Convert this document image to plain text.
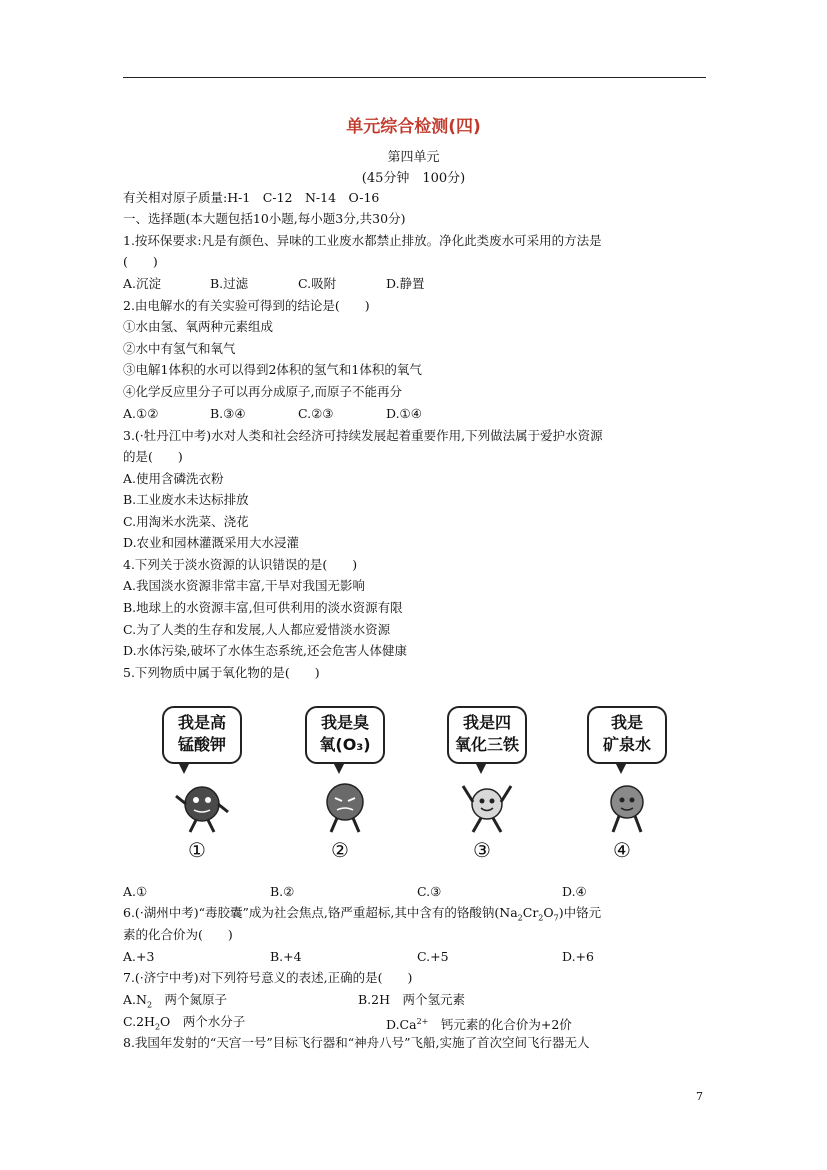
单元综合检测(四)
第四单元
(45分钟　100分)
有关相对原子质量:H-1　C-12　N-14　O-16
一、选择题(本大题包括10小题,每小题3分,共30分)
1.按环保要求:凡是有颜色、异味的工业废水都禁止排放。净化此类废水可采用的方法是
(　　)
A.沉淀	B.过滤	C.吸附	D.静置
2.由电解水的有关实验可得到的结论是(　　)
①水由氢、氧两种元素组成
②水中有氢气和氧气
③电解1体积的水可以得到2体积的氢气和1体积的氧气
④化学反应里分子可以再分成原子,而原子不能再分
A.①②	B.③④	C.②③	D.①④
3.(·牡丹江中考)水对人类和社会经济可持续发展起着重要作用,下列做法属于爱护水资源
的是(　　)
A.使用含磷洗衣粉
B.工业废水未达标排放
C.用淘米水洗菜、浇花
D.农业和园林灌溉采用大水浸灌
4.下列关于淡水资源的认识错误的是(　　)
A.我国淡水资源非常丰富,干旱对我国无影响
B.地球上的水资源丰富,但可供利用的淡水资源有限
C.为了人类的生存和发展,人人都应爱惜淡水资源
D.水体污染,破坏了水体生态系统,还会危害人体健康
5.下列物质中属于氧化物的是(　　)
我是高
锰酸钾
①
我是臭
氧(O₃)
②
我是四
氧化三铁
③
我是
矿泉水
④
A.①	B.②	C.③	D.④
6.(·湖州中考)“毒胶囊”成为社会焦点,铬严重超标,其中含有的铬酸钠$(Na_2Cr_2O_7)$中铬元
素的化合价为(　　)
A.+3	B.+4	C.+5	D.+6
7.(·济宁中考)对下列符号意义的表述,正确的是(　　)
$A.N_2$　两个氮原子	B.2H　两个氢元素
$C.2H_2O$　两个水分子	$D.Ca^{2+}$　钙元素的化合价为+2价
8.我国年发射的“天宫一号”目标飞行器和“神舟八号”飞船,实施了首次空间飞行器无人
7
